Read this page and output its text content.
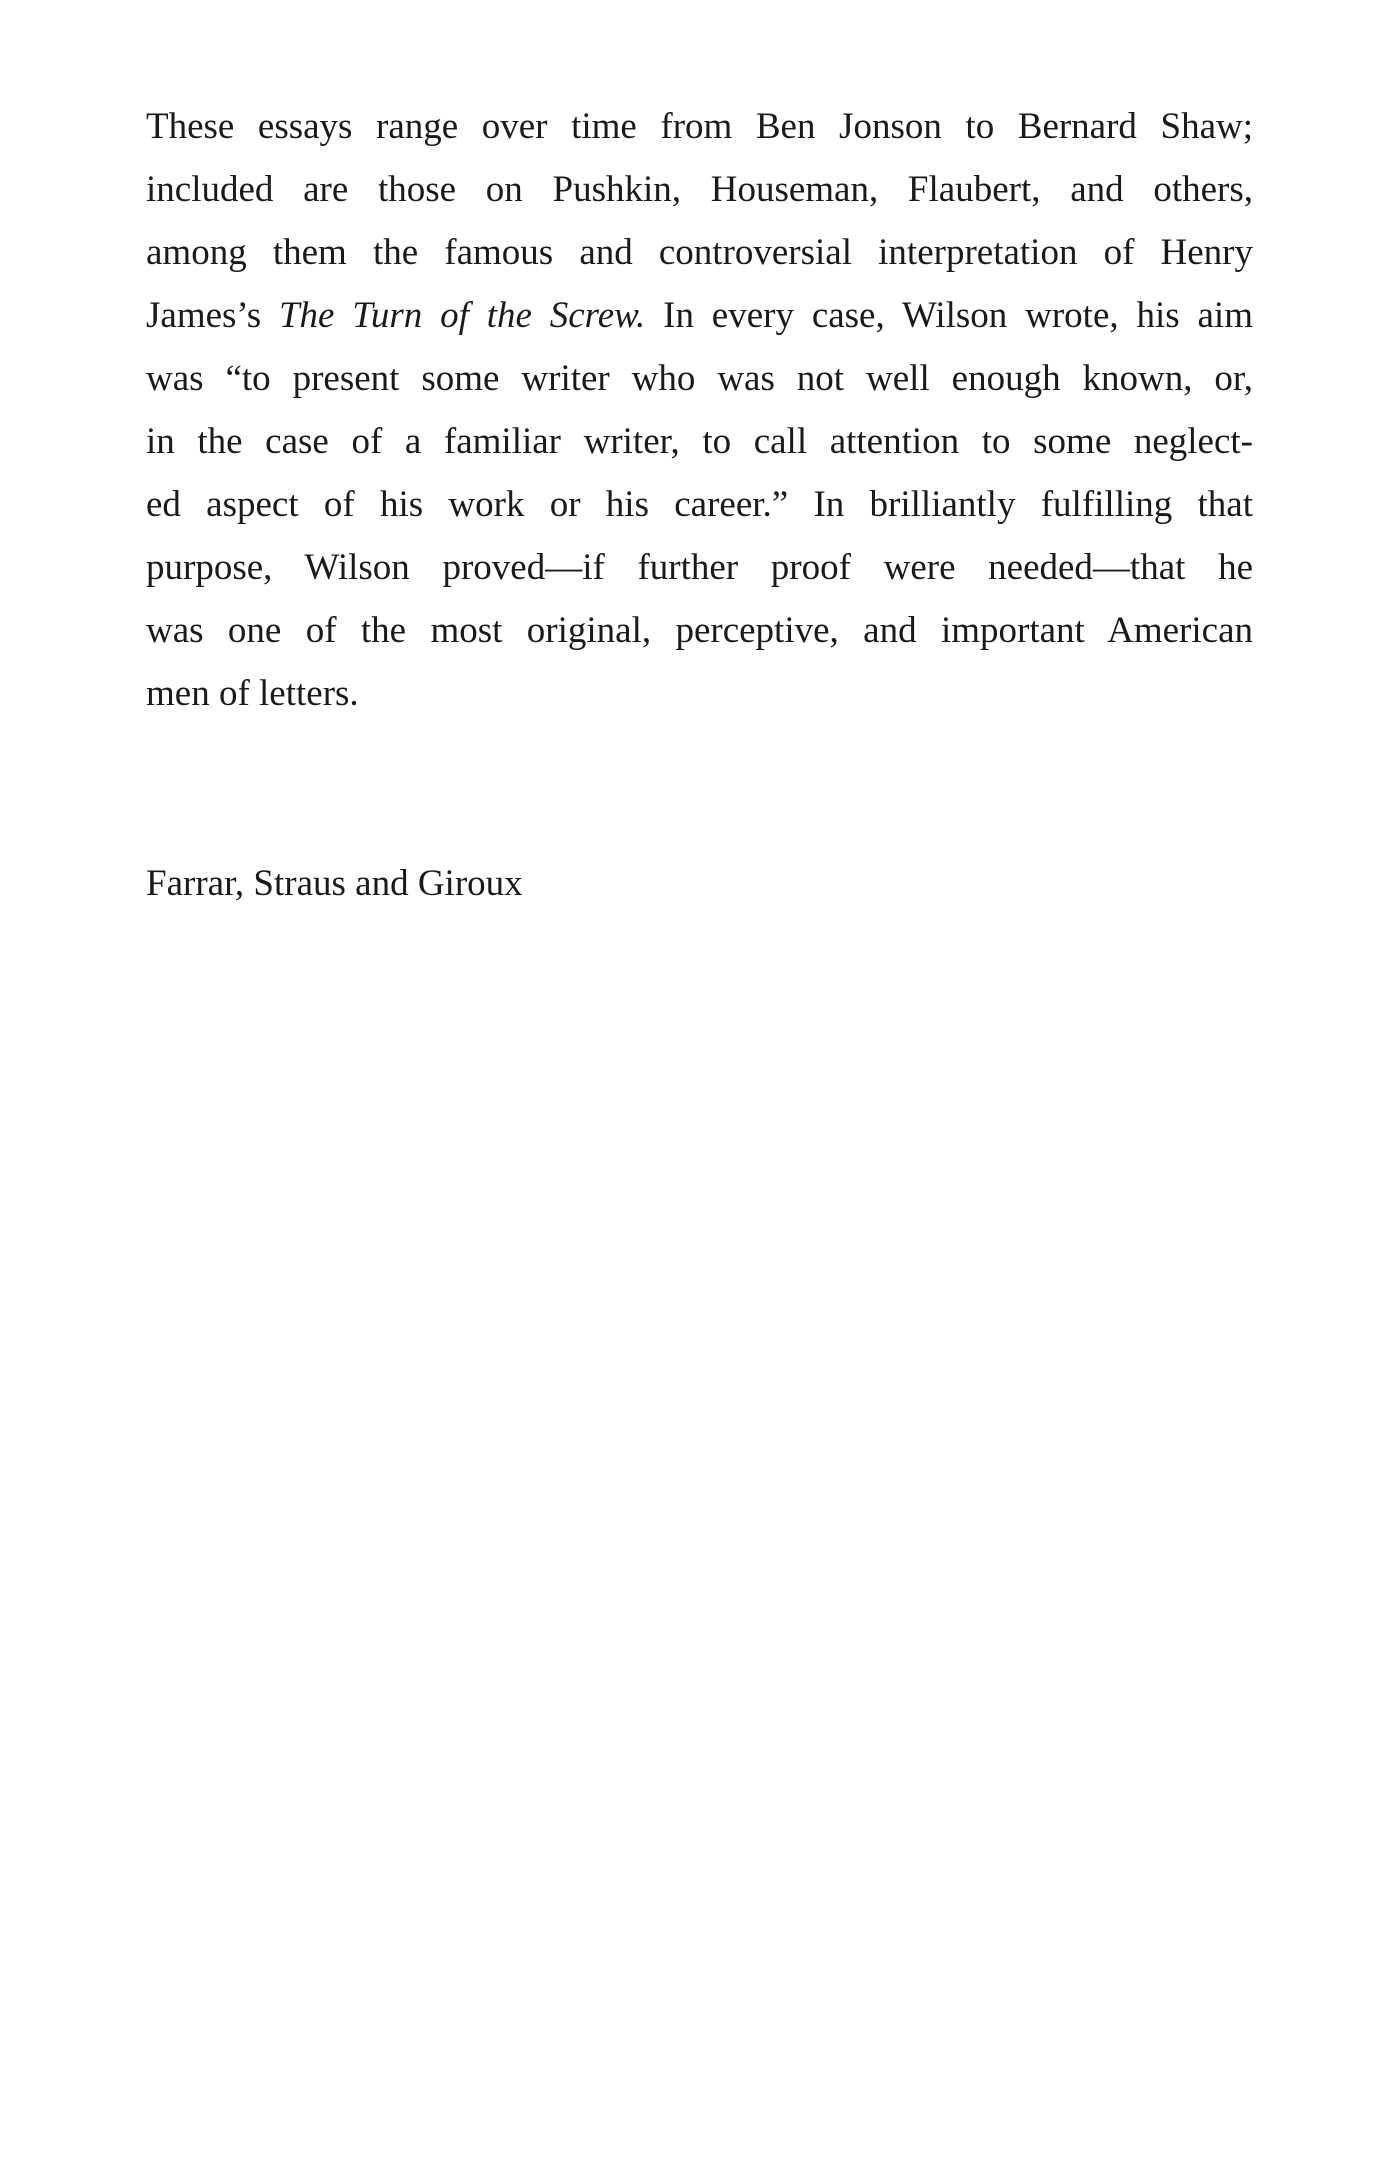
These essays range over time from Ben Jonson to Bernard Shaw;
included are those on Pushkin, Houseman, Flaubert, and others,
among them the famous and controversial interpretation of Henry
James’s The Turn of the Screw. In every case, Wilson wrote, his aim
was “to present some writer who was not well enough known, or,
in the case of a familiar writer, to call attention to some neglect-
ed aspect of his work or his career.” In brilliantly fulfilling that
purpose, Wilson proved—if further proof were needed—that he
was one of the most original, perceptive, and important American
men of letters.

Farrar, Straus and Giroux
